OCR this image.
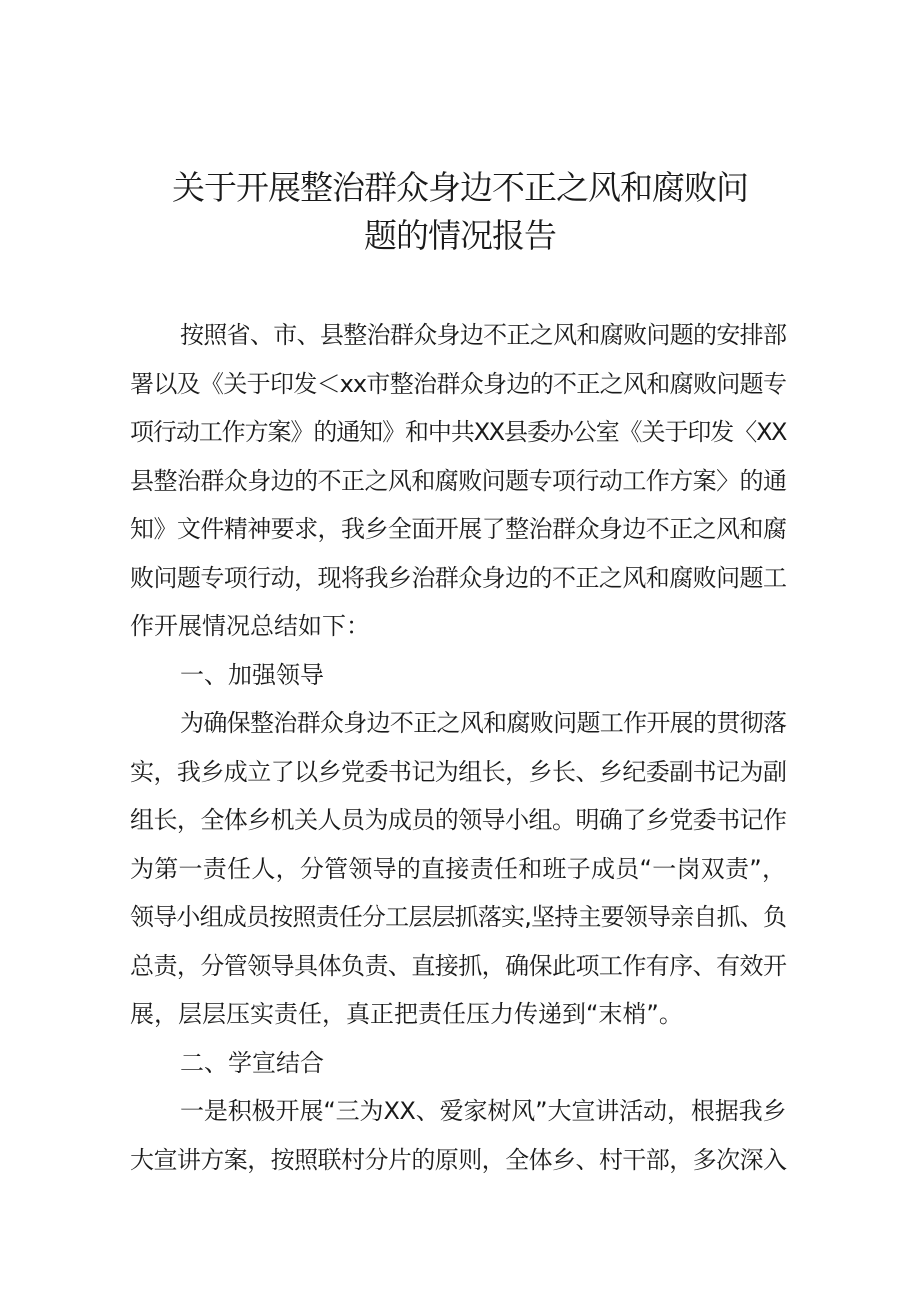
关于开展整治群众身边不正之风和腐败问
题的情况报告

按照省、市、县整治群众身边不正之风和腐败问题的安排部
署以及《关于印发＜xx市整治群众身边的不正之风和腐败问题专
项行动工作方案》的通知》和中共XX县委办公室《关于印发〈XX
县整治群众身边的不正之风和腐败问题专项行动工作方案〉的通
知》文件精神要求，我乡全面开展了整治群众身边不正之风和腐
败问题专项行动，现将我乡治群众身边的不正之风和腐败问题工
作开展情况总结如下：

一、加强领导

为确保整治群众身边不正之风和腐败问题工作开展的贯彻落
实，我乡成立了以乡党委书记为组长，乡长、乡纪委副书记为副
组长，全体乡机关人员为成员的领导小组。明确了乡党委书记作
为第一责任人，分管领导的直接责任和班子成员“一岗双责”，
领导小组成员按照责任分工层层抓落实,坚持主要领导亲自抓、负
总责，分管领导具体负责、直接抓，确保此项工作有序、有效开
展，层层压实责任，真正把责任压力传递到“末梢”。

二、学宣结合

一是积极开展“三为XX、爱家树风”大宣讲活动，根据我乡
大宣讲方案，按照联村分片的原则，全体乡、村干部，多次深入
